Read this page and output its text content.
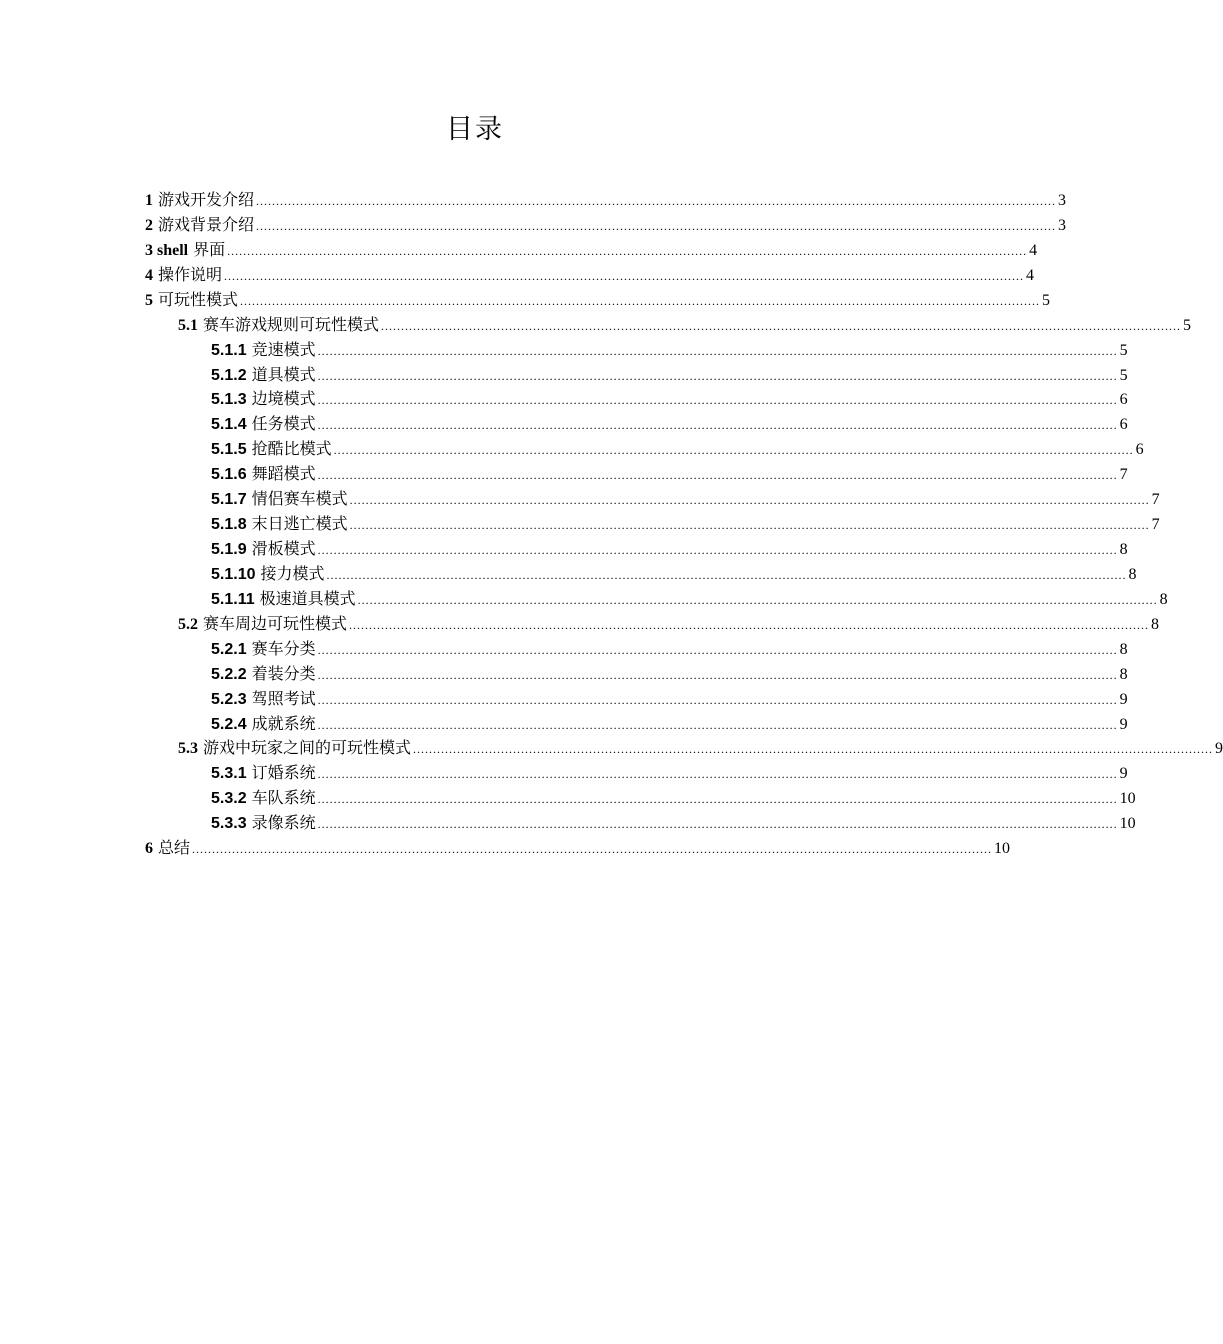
目录
1 游戏开发介绍 ........................................................................................................................................................................................................ 3
2 游戏背景介绍 ........................................................................................................................................................................................................ 3
3 shell 界面 ........................................................................................................................................................................................................ 4
4 操作说明 ........................................................................................................................................................................................................ 4
5 可玩性模式 ........................................................................................................................................................................................................ 5
5.1 赛车游戏规则可玩性模式 ........................................................................................................................................................................................................ 5
5.1.1 竞速模式 ........................................................................................................................................................................................................ 5
5.1.2 道具模式 ........................................................................................................................................................................................................ 5
5.1.3 边境模式 ........................................................................................................................................................................................................ 6
5.1.4 任务模式 ........................................................................................................................................................................................................ 6
5.1.5 抢酷比模式 ........................................................................................................................................................................................................ 6
5.1.6 舞蹈模式 ........................................................................................................................................................................................................ 7
5.1.7 情侣赛车模式 ........................................................................................................................................................................................................ 7
5.1.8 末日逃亡模式 ........................................................................................................................................................................................................ 7
5.1.9 滑板模式 ........................................................................................................................................................................................................ 8
5.1.10 接力模式 ........................................................................................................................................................................................................ 8
5.1.11 极速道具模式 ........................................................................................................................................................................................................ 8
5.2 赛车周边可玩性模式 ........................................................................................................................................................................................................ 8
5.2.1 赛车分类 ........................................................................................................................................................................................................ 8
5.2.2 着装分类 ........................................................................................................................................................................................................ 8
5.2.3 驾照考试 ........................................................................................................................................................................................................ 9
5.2.4 成就系统 ........................................................................................................................................................................................................ 9
5.3 游戏中玩家之间的可玩性模式 ........................................................................................................................................................................................................ 9
5.3.1 订婚系统 ........................................................................................................................................................................................................ 9
5.3.2 车队系统 ........................................................................................................................................................................................................ 10
5.3.3 录像系统 ........................................................................................................................................................................................................ 10
6 总结 ........................................................................................................................................................................................................ 10
